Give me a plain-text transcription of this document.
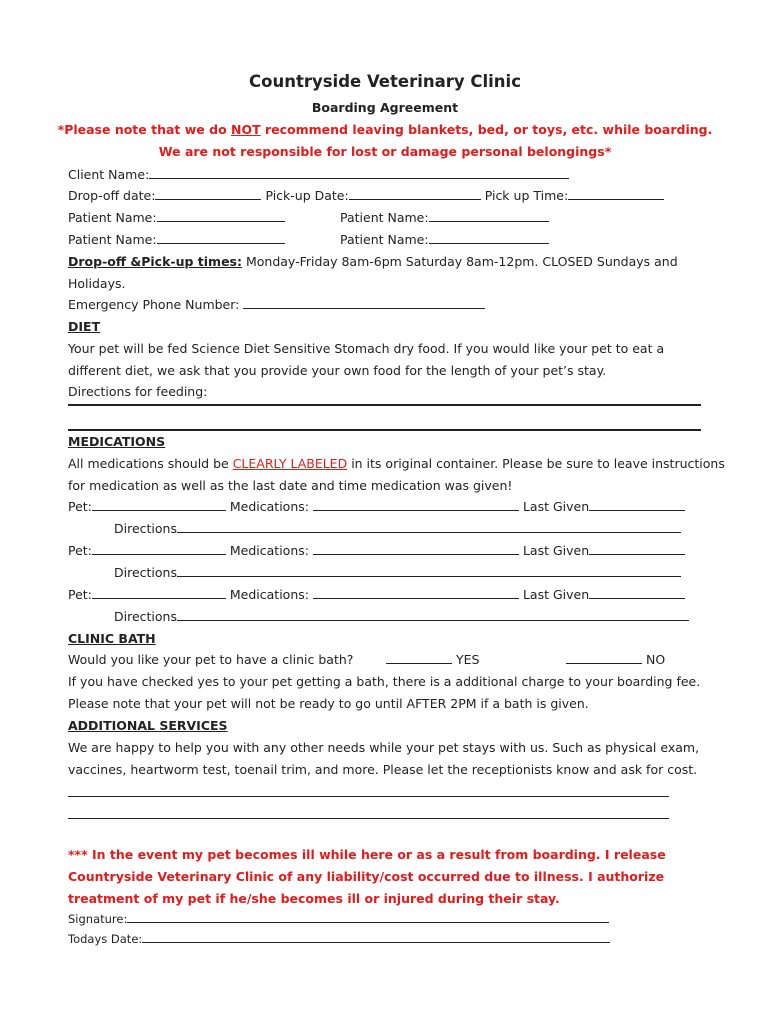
Countryside Veterinary Clinic
Boarding Agreement
*Please note that we do NOT recommend leaving blankets, bed, or toys, etc. while boarding.
We are not responsible for lost or damage personal belongings*
Client Name:
Drop-off date:	Pick-up Date:	Pick up Time:
Patient Name:	Patient Name:
Patient Name:	Patient Name:
Drop-off &Pick-up times: Monday-Friday 8am-6pm Saturday 8am-12pm. CLOSED Sundays and
Holidays.
Emergency Phone Number:
DIET
Your pet will be fed Science Diet Sensitive Stomach dry food. If you would like your pet to eat a
different diet, we ask that you provide your own food for the length of your pet’s stay.
Directions for feeding:
MEDICATIONS
All medications should be CLEARLY LABELED in its original container. Please be sure to leave instructions
for medication as well as the last date and time medication was given!
Pet:	Medications:	Last Given
Directions
Pet:	Medications:	Last Given
Directions
Pet:	Medications:	Last Given
Directions
CLINIC BATH
Would you like your pet to have a clinic bath?	YES	NO
If you have checked yes to your pet getting a bath, there is a additional charge to your boarding fee.
Please note that your pet will not be ready to go until AFTER 2PM if a bath is given.
ADDITIONAL SERVICES
We are happy to help you with any other needs while your pet stays with us. Such as physical exam,
vaccines, heartworm test, toenail trim, and more. Please let the receptionists know and ask for cost.
*** In the event my pet becomes ill while here or as a result from boarding. I release Countryside Veterinary Clinic of any liability/cost occurred due to illness. I authorize treatment of my pet if he/she becomes ill or injured during their stay.
Signature:
Todays Date:
